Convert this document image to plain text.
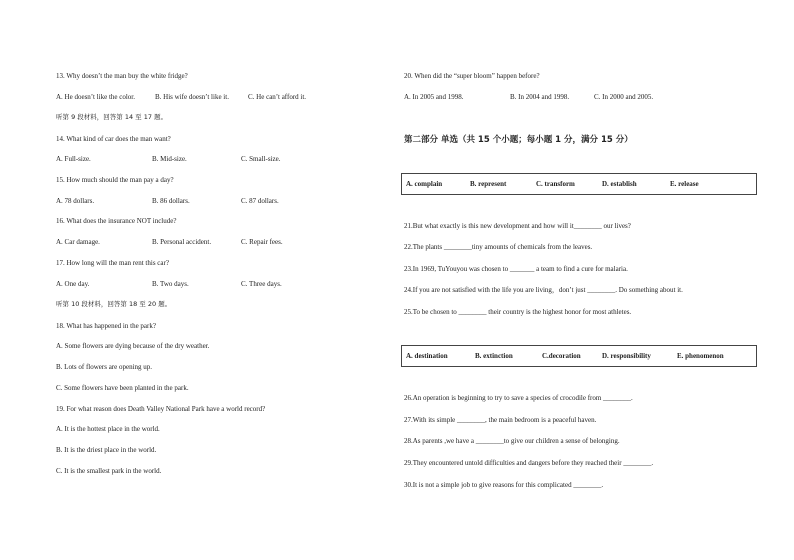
13. Why doesn’t the man buy the white fridge?
A. He doesn’t like the color.	B. His wife doesn’t like it.	C. He can’t afford it.
听第 9 段材料，回答第 14 至 17 题。
14. What kind of car does the man want?
A. Full-size.	B. Mid-size.	C. Small-size.
15. How much should the man pay a day?
A. 78 dollars.	B. 86 dollars.	C. 87 dollars.
16. What does the insurance NOT include?
A. Car damage.	B. Personal accident.	C. Repair fees.
17. How long will the man rent this car?
A. One day.	B. Two days.	C. Three days.
听第 10 段材料，回答第 18 至 20 题。
18. What has happened in the park?
A. Some flowers are dying because of the dry weather.
B. Lots of flowers are opening up.
C. Some flowers have been planted in the park.
19. For what reason does Death Valley National Park have a world record?
A. It is the hottest place in the world.
B. It is the driest place in the world.
C. It is the smallest park in the world.
20. When did the “super bloom” happen before?
A. In 2005 and 1998.	B. In 2004 and 1998.	C. In 2000 and 2005.
第二部分 单选（共 15 个小题；每小题 1 分，满分 15 分）
A. complain	B. represent	C. transform	D. establish	E. release
21.But what exactly is this new development and how will it________ our lives?
22.The plants ________tiny amounts of chemicals from the leaves.
23.In 1969, TuYouyou was chosen to _______ a team to find a cure for malaria.
24.If you are not satisfied with the life you are living，don’t just ________. Do something about it.
25.To be chosen to ________ their country is the highest honor for most athletes.
A. destination	B. extinction	C.decoration	D. responsibility	E. phenomenon
26.An operation is beginning to try to save a species of crocodile from ________.
27.With its simple ________, the main bedroom is a peaceful haven.
28.As parents ,we have a ________to give our children a sense of belonging.
29.They encountered untold difficulties and dangers before they reached their ________.
30.It is not a simple job to give reasons for this complicated ________.
